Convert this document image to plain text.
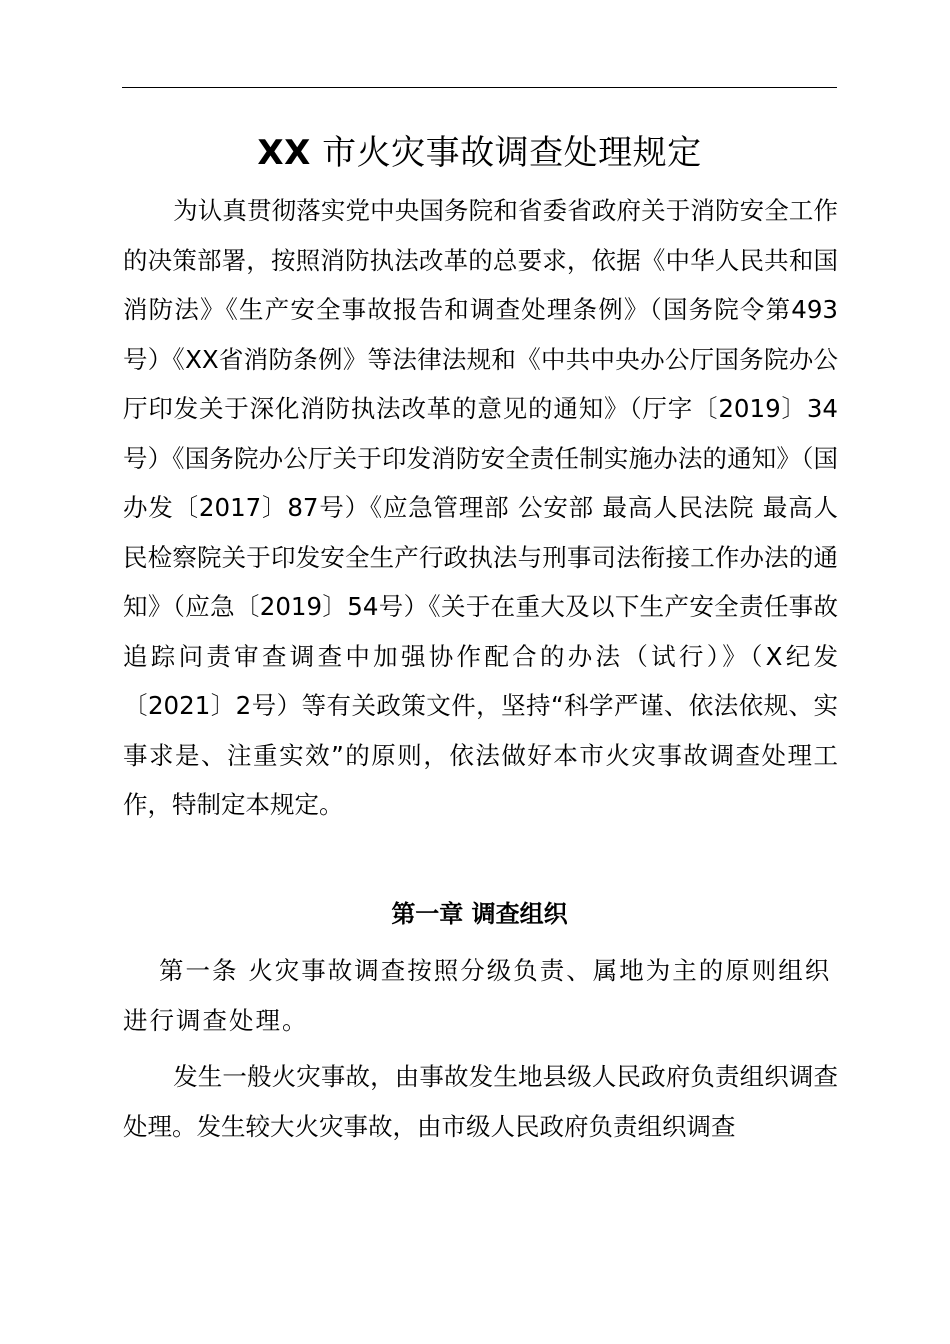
XX 市火灾事故调查处理规定

为认真贯彻落实党中央国务院和省委省政府关于消防安全工作的决策部署，按照消防执法改革的总要求，依据《中华人民共和国消防法》《生产安全事故报告和调查处理条例》（国务院令第493号）《XX省消防条例》等法律法规和《中共中央办公厅国务院办公厅印发关于深化消防执法改革的意见的通知》（厅字〔2019〕34号）《国务院办公厅关于印发消防安全责任制实施办法的通知》（国办发〔2017〕87号）《应急管理部 公安部 最高人民法院 最高人民检察院关于印发安全生产行政执法与刑事司法衔接工作办法的通知》（应急〔2019〕54号）《关于在重大及以下生产安全责任事故追踪问责审查调查中加强协作配合的办法（试行）》（X纪发〔2021〕2号）等有关政策文件，坚持“科学严谨、依法依规、实事求是、注重实效”的原则，依法做好本市火灾事故调查处理工作，特制定本规定。

第一章 调查组织

第一条 火灾事故调查按照分级负责、属地为主的原则组织进行调查处理。

发生一般火灾事故，由事故发生地县级人民政府负责组织调查处理。发生较大火灾事故，由市级人民政府负责组织调查
